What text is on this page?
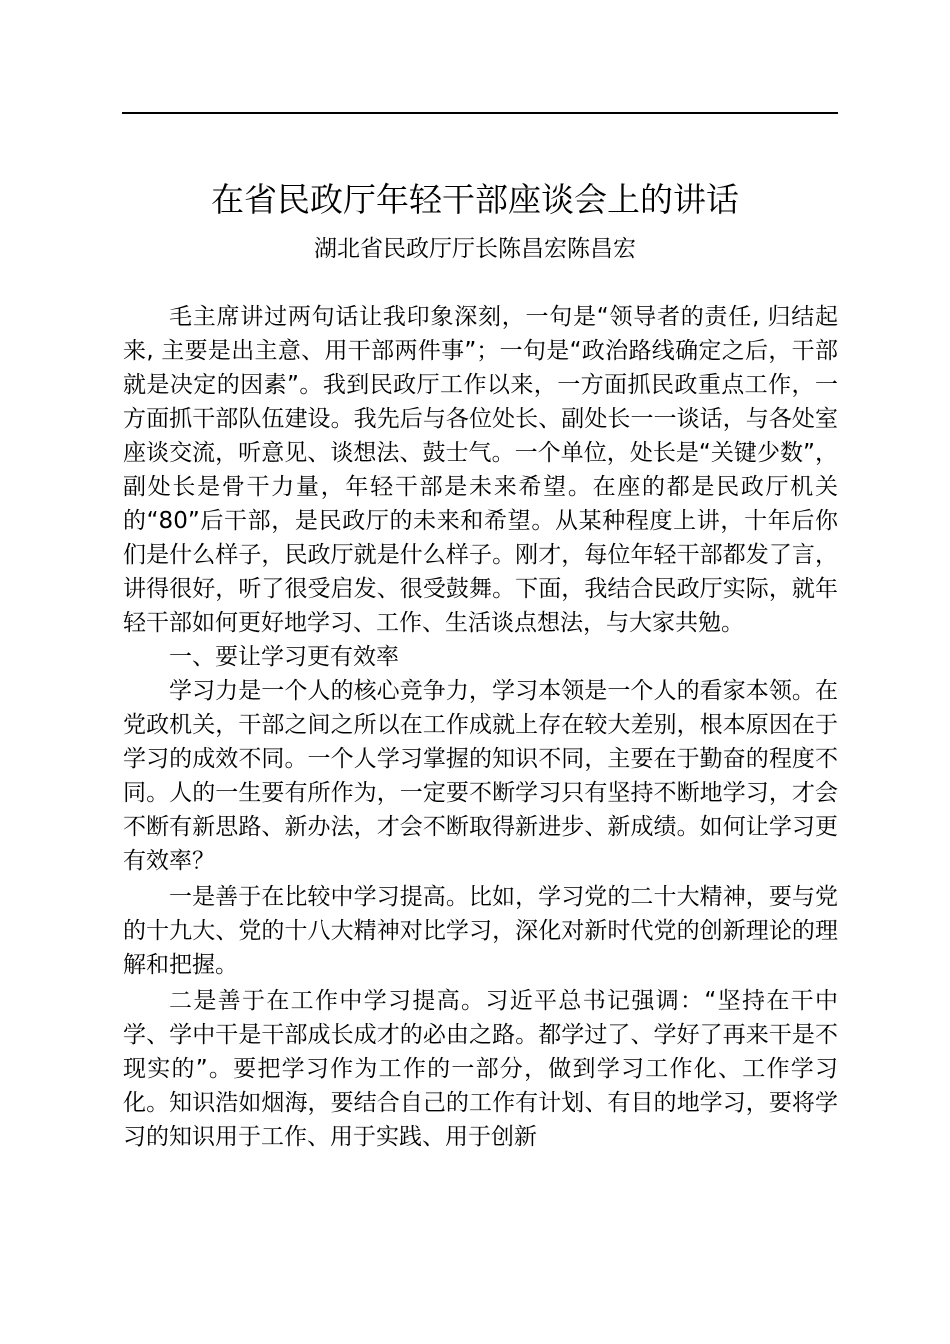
在省民政厅年轻干部座谈会上的讲话
湖北省民政厅厅长陈昌宏陈昌宏

毛主席讲过两句话让我印象深刻，一句是“领导者的责任, 归结起来, 主要是出主意、用干部两件事”；一句是“政治路线确定之后，干部就是决定的因素”。我到民政厅工作以来，一方面抓民政重点工作，一方面抓干部队伍建设。我先后与各位处长、副处长一一谈话，与各处室座谈交流，听意见、谈想法、鼓士气。一个单位，处长是“关键少数”，副处长是骨干力量，年轻干部是未来希望。在座的都是民政厅机关的“80”后干部，是民政厅的未来和希望。从某种程度上讲，十年后你们是什么样子，民政厅就是什么样子。刚才，每位年轻干部都发了言，讲得很好，听了很受启发、很受鼓舞。下面，我结合民政厅实际，就年轻干部如何更好地学习、工作、生活谈点想法，与大家共勉。

一、要让学习更有效率

学习力是一个人的核心竞争力，学习本领是一个人的看家本领。在党政机关，干部之间之所以在工作成就上存在较大差别，根本原因在于学习的成效不同。一个人学习掌握的知识不同，主要在于勤奋的程度不同。人的一生要有所作为，一定要不断学习只有坚持不断地学习，才会不断有新思路、新办法，才会不断取得新进步、新成绩。如何让学习更有效率？

一是善于在比较中学习提高。比如，学习党的二十大精神，要与党的十九大、党的十八大精神对比学习，深化对新时代党的创新理论的理解和把握。

二是善于在工作中学习提高。习近平总书记强调：“坚持在干中学、学中干是干部成长成才的必由之路。都学过了、学好了再来干是不现实的”。要把学习作为工作的一部分，做到学习工作化、工作学习化。知识浩如烟海，要结合自己的工作有计划、有目的地学习，要将学习的知识用于工作、用于实践、用于创新
